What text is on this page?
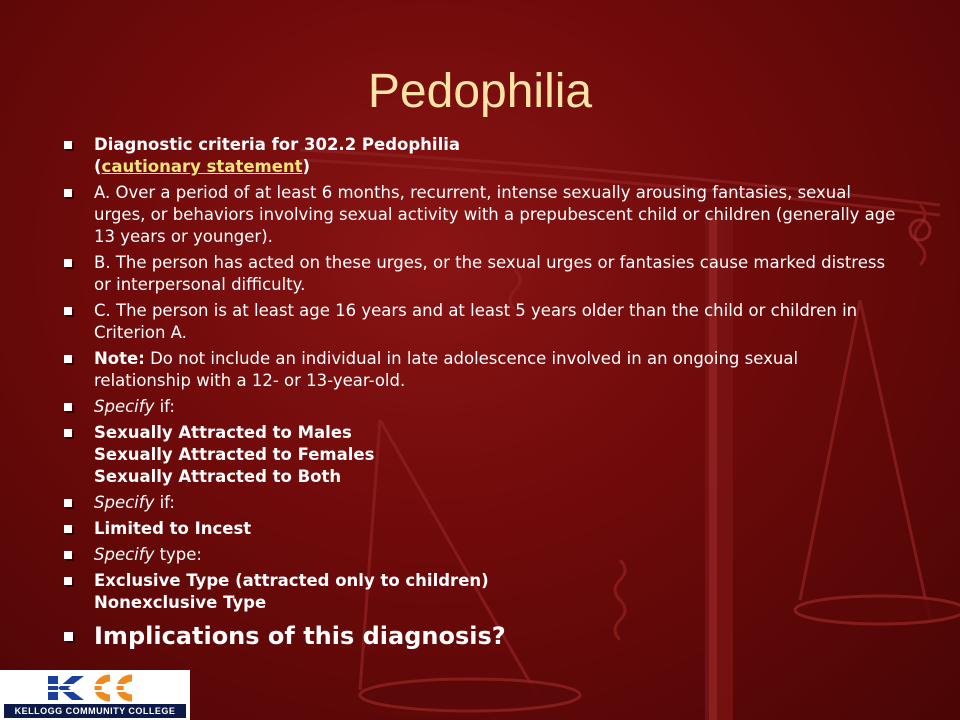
Pedophilia
Diagnostic criteria for 302.2 Pedophilia
(cautionary statement)
A. Over a period of at least 6 months, recurrent, intense sexually arousing fantasies, sexual urges, or behaviors involving sexual activity with a prepubescent child or children (generally age 13 years or younger).
B. The person has acted on these urges, or the sexual urges or fantasies cause marked distress or interpersonal difficulty.
C. The person is at least age 16 years and at least 5 years older than the child or children in Criterion A.
Note: Do not include an individual in late adolescence involved in an ongoing sexual relationship with a 12- or 13-year-old.
Specify if:
Sexually Attracted to Males
Sexually Attracted to Females
Sexually Attracted to Both
Specify if:
Limited to Incest
Specify type:
Exclusive Type (attracted only to children)
Nonexclusive Type
Implications of this diagnosis?
KELLOGG COMMUNITY COLLEGE
